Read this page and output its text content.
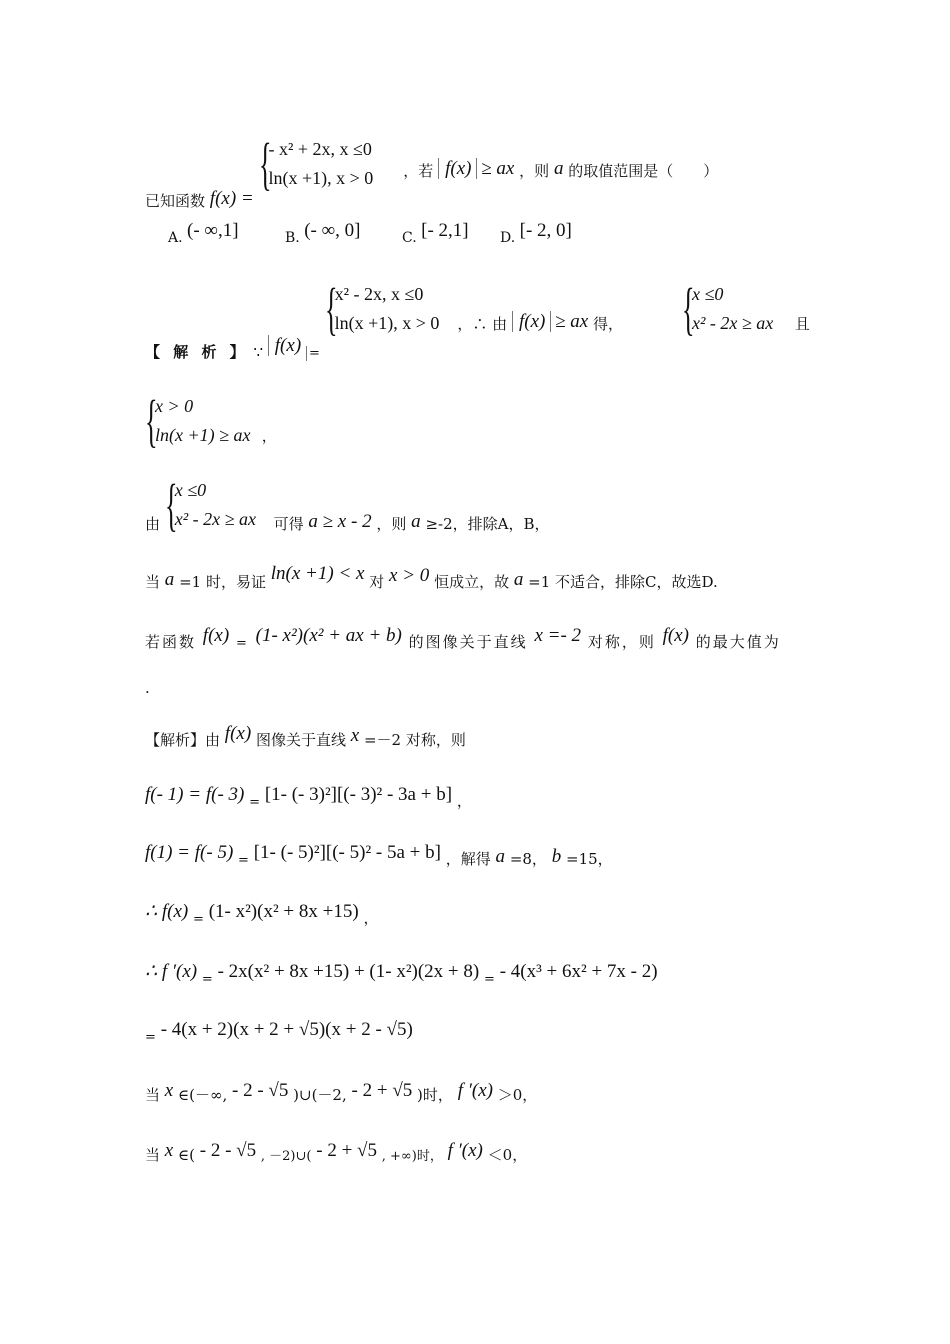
已知函数 f(x) =
{
- x² + 2x, x ≤0
ln(x +1), x > 0 ，若 f(x) ≥ ax ，则 a 的取值范围是（　　）
A. (- ∞,1]	B. (- ∞, 0]	C. [- 2,1] D. [- 2, 0]
【 解 析 】 ∵ f(x) =
{
x² - 2x, x ≤0
ln(x +1), x > 0 ，∴ 由 f(x) ≥ ax 得， {
x ≤0
x² - 2x ≥ ax 且
{
x > 0
ln(x +1) ≥ ax ，
由 {
x ≤0
x² - 2x ≥ ax 可得 a ≥ x - 2 ，则 a ≥-2，排除A，B，
当 a =1 时，易证 ln(x +1) < x 对 x > 0 恒成立，故 a =1 不适合，排除C，故选D.
若函数 f(x) = (1- x²)(x² + ax + b) 的图像关于直线 x =- 2 对称，则 f(x) 的最大值为
.
【解析】由 f(x) 图像关于直线 x =－2 对称，则
f(- 1) = f(- 3) = [1- (- 3)²][(- 3)² - 3a + b] ，
f(1) = f(- 5) = [1- (- 5)²][(- 5)² - 5a + b] ，解得 a =8， b =15，
∴ f(x) = (1- x²)(x² + 8x +15) ，
∴ f ′(x) = - 2x(x² + 8x +15) + (1- x²)(2x + 8) = - 4(x³ + 6x² + 7x - 2)
= - 4(x + 2)(x + 2 + √5)(x + 2 - √5)
当 x ∈(－∞, - 2 - √5 )∪(－2, - 2 + √5 )时， f ′(x) ＞0，
当 x ∈( - 2 - √5 , －2)∪( - 2 + √5 , +∞)时， f ′(x) ＜0，
